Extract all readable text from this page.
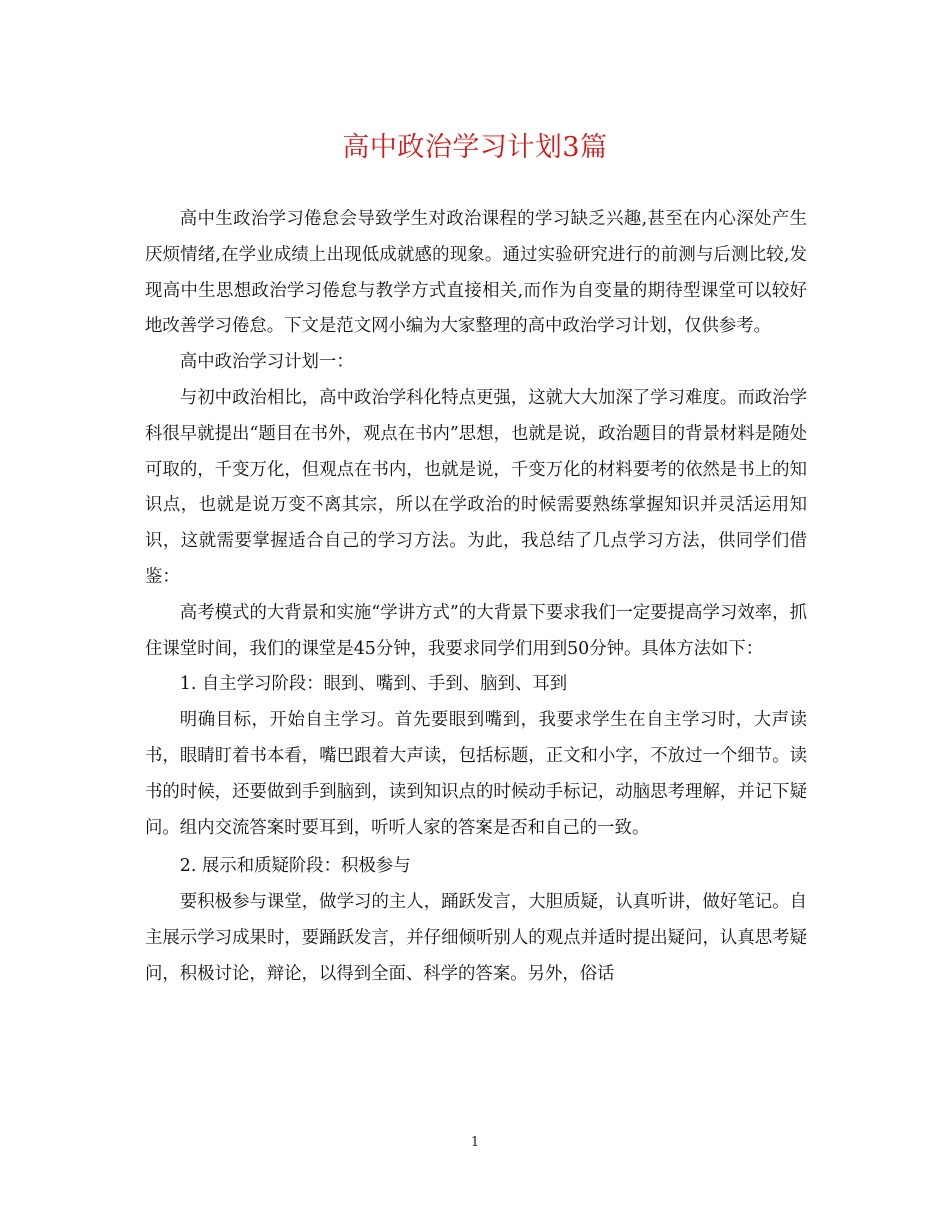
高中政治学习计划3篇

高中生政治学习倦怠会导致学生对政治课程的学习缺乏兴趣,甚至在内心深处产生厌烦情绪,在学业成绩上出现低成就感的现象。通过实验研究进行的前测与后测比较,发现高中生思想政治学习倦怠与教学方式直接相关,而作为自变量的期待型课堂可以较好地改善学习倦怠。下文是范文网小编为大家整理的高中政治学习计划，仅供参考。

高中政治学习计划一：

与初中政治相比，高中政治学科化特点更强，这就大大加深了学习难度。而政治学科很早就提出“题目在书外，观点在书内”思想，也就是说，政治题目的背景材料是随处可取的，千变万化，但观点在书内，也就是说，千变万化的材料要考的依然是书上的知识点，也就是说万变不离其宗，所以在学政治的时候需要熟练掌握知识并灵活运用知识，这就需要掌握适合自己的学习方法。为此，我总结了几点学习方法，供同学们借鉴：

高考模式的大背景和实施“学讲方式”的大背景下要求我们一定要提高学习效率，抓住课堂时间，我们的课堂是45分钟，我要求同学们用到50分钟。具体方法如下：

1. 自主学习阶段：眼到、嘴到、手到、脑到、耳到

明确目标，开始自主学习。首先要眼到嘴到，我要求学生在自主学习时，大声读书，眼睛盯着书本看，嘴巴跟着大声读，包括标题，正文和小字，不放过一个细节。读书的时候，还要做到手到脑到，读到知识点的时候动手标记，动脑思考理解，并记下疑问。组内交流答案时要耳到，听听人家的答案是否和自己的一致。

2. 展示和质疑阶段：积极参与

要积极参与课堂，做学习的主人，踊跃发言，大胆质疑，认真听讲，做好笔记。自主展示学习成果时，要踊跃发言，并仔细倾听别人的观点并适时提出疑问，认真思考疑问，积极讨论，辩论，以得到全面、科学的答案。另外，俗话

1
